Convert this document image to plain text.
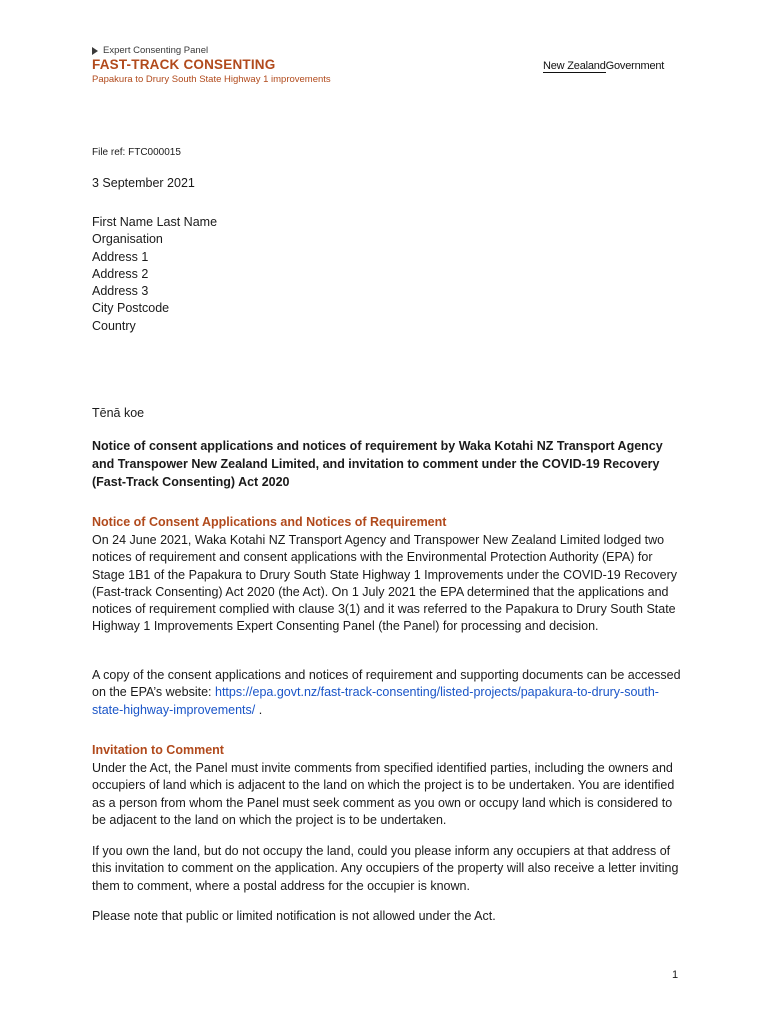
Expert Consenting Panel
FAST-TRACK CONSENTING
Papakura to Drury South State Highway 1 improvements
New ZealandGovernment
File ref: FTC000015
3 September 2021
First Name Last Name
Organisation
Address 1
Address 2
Address 3
City Postcode
Country
Tēnā koe
Notice of consent applications and notices of requirement by Waka Kotahi NZ Transport Agency and Transpower New Zealand Limited, and invitation to comment under the COVID-19 Recovery (Fast-Track Consenting) Act 2020
Notice of Consent Applications and Notices of Requirement
On 24 June 2021, Waka Kotahi NZ Transport Agency and Transpower New Zealand Limited lodged two notices of requirement and consent applications with the Environmental Protection Authority (EPA) for Stage 1B1 of the Papakura to Drury South State Highway 1 Improvements under the COVID-19 Recovery (Fast-track Consenting) Act 2020 (the Act). On 1 July 2021 the EPA determined that the applications and notices of requirement complied with clause 3(1) and it was referred to the Papakura to Drury South State Highway 1 Improvements Expert Consenting Panel (the Panel) for processing and decision.
A copy of the consent applications and notices of requirement and supporting documents can be accessed on the EPA’s website: https://epa.govt.nz/fast-track-consenting/listed-projects/papakura-to-drury-south-state-highway-improvements/ .
Invitation to Comment
Under the Act, the Panel must invite comments from specified identified parties, including the owners and occupiers of land which is adjacent to the land on which the project is to be undertaken. You are identified as a person from whom the Panel must seek comment as you own or occupy land which is considered to be adjacent to the land on which the project is to be undertaken.
If you own the land, but do not occupy the land, could you please inform any occupiers at that address of this invitation to comment on the application. Any occupiers of the property will also receive a letter inviting them to comment, where a postal address for the occupier is known.
Please note that public or limited notification is not allowed under the Act.
1
